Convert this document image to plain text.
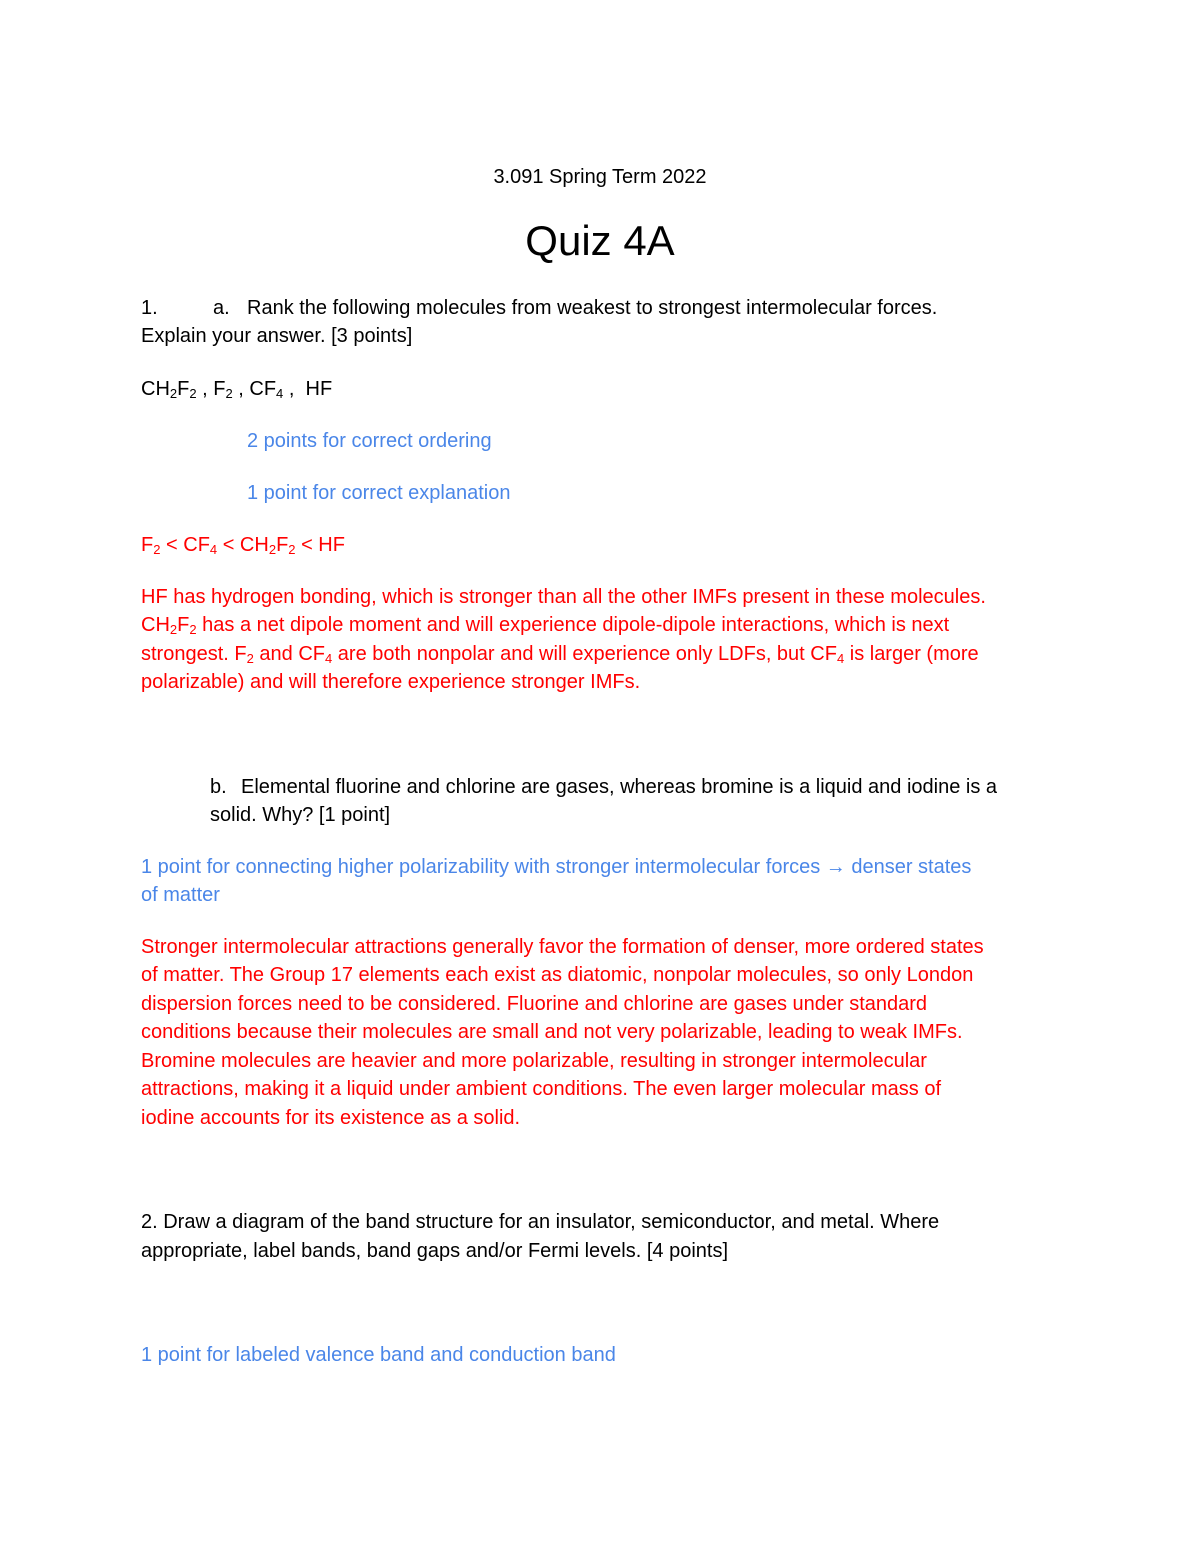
3.091 Spring Term 2022
Quiz 4A
1.	a. Rank the following molecules from weakest to strongest intermolecular forces.
Explain your answer. [3 points]
$CH_2F_2$ , $F_2$ , $CF_4$ ,  HF
2 points for correct ordering
1 point for correct explanation
$F_2 < CF_4 < CH_2F_2$ < HF
HF has hydrogen bonding, which is stronger than all the other IMFs present in these molecules.
$CH_2F_2$ has a net dipole moment and will experience dipole-dipole interactions, which is next
strongest. $F_2$ and $CF_4$ are both nonpolar and will experience only LDFs, but $CF_4$ is larger (more
polarizable) and will therefore experience stronger IMFs.
b. Elemental fluorine and chlorine are gases, whereas bromine is a liquid and iodine is a
solid. Why? [1 point]
1 point for connecting higher polarizability with stronger intermolecular forces → denser states
of matter
Stronger intermolecular attractions generally favor the formation of denser, more ordered states
of matter. The Group 17 elements each exist as diatomic, nonpolar molecules, so only London
dispersion forces need to be considered. Fluorine and chlorine are gases under standard
conditions because their molecules are small and not very polarizable, leading to weak IMFs.
Bromine molecules are heavier and more polarizable, resulting in stronger intermolecular
attractions, making it a liquid under ambient conditions. The even larger molecular mass of
iodine accounts for its existence as a solid.
2. Draw a diagram of the band structure for an insulator, semiconductor, and metal. Where
appropriate, label bands, band gaps and/or Fermi levels. [4 points]
1 point for labeled valence band and conduction band
